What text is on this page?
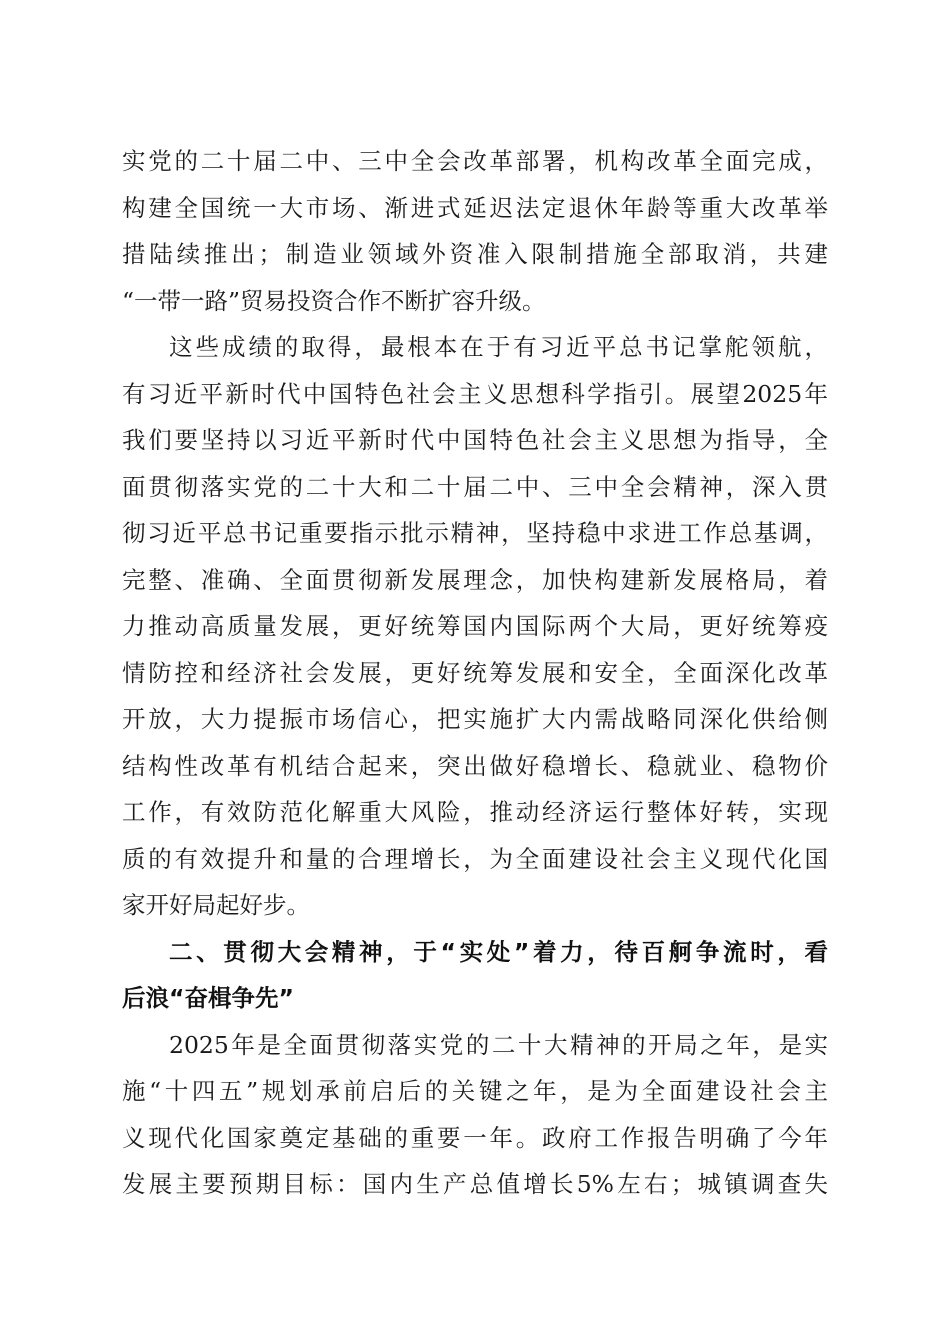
实党的二十届二中、三中全会改革部署，机构改革全面完成，
构建全国统一大市场、渐进式延迟法定退休年龄等重大改革举
措陆续推出；制造业领域外资准入限制措施全部取消，共建
“一带一路”贸易投资合作不断扩容升级。
这些成绩的取得，最根本在于有习近平总书记掌舵领航，
有习近平新时代中国特色社会主义思想科学指引。展望2025年
我们要坚持以习近平新时代中国特色社会主义思想为指导，全
面贯彻落实党的二十大和二十届二中、三中全会精神，深入贯
彻习近平总书记重要指示批示精神，坚持稳中求进工作总基调，
完整、准确、全面贯彻新发展理念，加快构建新发展格局，着
力推动高质量发展，更好统筹国内国际两个大局，更好统筹疫
情防控和经济社会发展，更好统筹发展和安全，全面深化改革
开放，大力提振市场信心，把实施扩大内需战略同深化供给侧
结构性改革有机结合起来，突出做好稳增长、稳就业、稳物价
工作，有效防范化解重大风险，推动经济运行整体好转，实现
质的有效提升和量的合理增长，为全面建设社会主义现代化国
家开好局起好步。
二、贯彻大会精神，于“实处”着力，待百舸争流时，看
后浪“奋楫争先”
2025年是全面贯彻落实党的二十大精神的开局之年，是实
施“十四五”规划承前启后的关键之年，是为全面建设社会主
义现代化国家奠定基础的重要一年。政府工作报告明确了今年
发展主要预期目标：国内生产总值增长5%左右；城镇调查失
